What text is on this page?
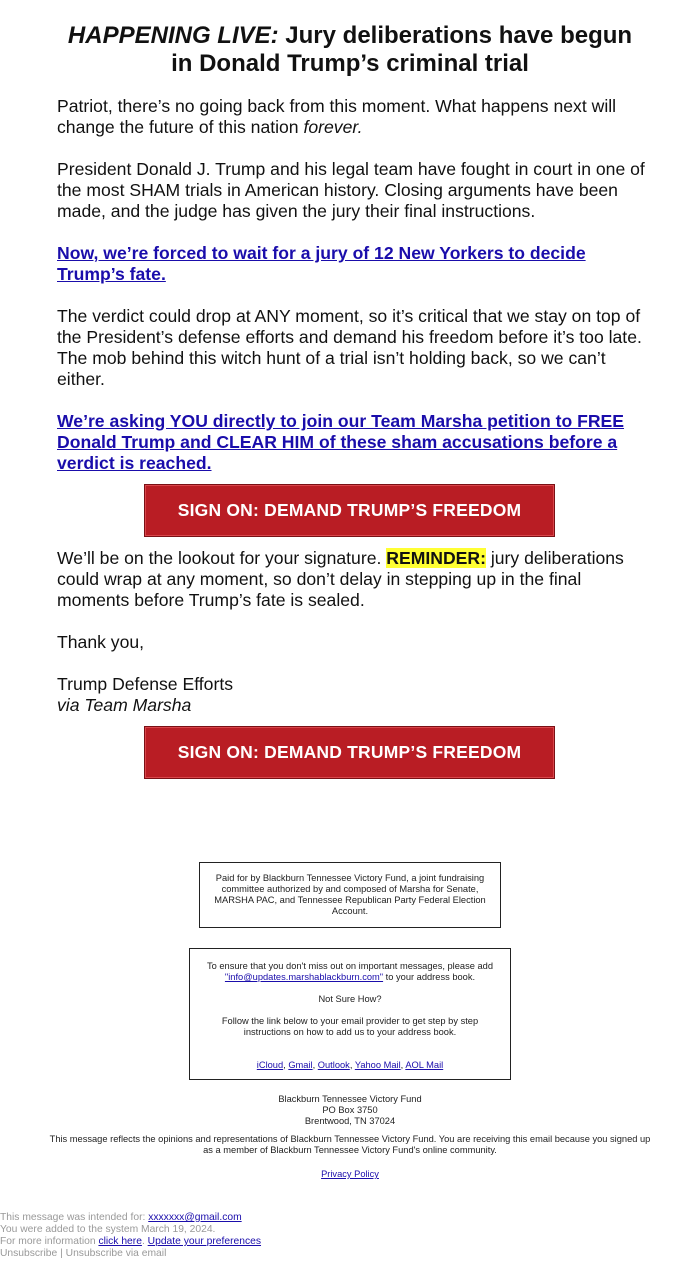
HAPPENING LIVE: Jury deliberations have begun
in Donald Trump’s criminal trial

Patriot, there’s no going back from this moment. What happens next will change the future of this nation forever.

President Donald J. Trump and his legal team have fought in court in one of the most SHAM trials in American history. Closing arguments have been made, and the judge has given the jury their final instructions.

Now, we’re forced to wait for a jury of 12 New Yorkers to decide Trump’s fate.

The verdict could drop at ANY moment, so it’s critical that we stay on top of the President’s defense efforts and demand his freedom before it’s too late. The mob behind this witch hunt of a trial isn’t holding back, so we can’t either.

We’re asking YOU directly to join our Team Marsha petition to FREE Donald Trump and CLEAR HIM of these sham accusations before a verdict is reached.

SIGN ON: DEMAND TRUMP’S FREEDOM

We’ll be on the lookout for your signature. REMINDER: jury deliberations could wrap at any moment, so don’t delay in stepping up in the final moments before Trump’s fate is sealed.

Thank you,

Trump Defense Efforts
via Team Marsha

SIGN ON: DEMAND TRUMP’S FREEDOM

Paid for by Blackburn Tennessee Victory Fund, a joint fundraising committee authorized by and composed of Marsha for Senate, MARSHA PAC, and Tennessee Republican Party Federal Election Account.

To ensure that you don't miss out on important messages, please add "info@updates.marshablackburn.com" to your address book.

Not Sure How?

Follow the link below to your email provider to get step by step instructions on how to add us to your address book.

iCloud, Gmail, Outlook, Yahoo Mail, AOL Mail

Blackburn Tennessee Victory Fund
PO Box 3750
Brentwood, TN 37024

This message reflects the opinions and representations of Blackburn Tennessee Victory Fund. You are receiving this email because you signed up as a member of Blackburn Tennessee Victory Fund's online community.

Privacy Policy

This message was intended for: xxxxxxx@gmail.com

You were added to the system March 19, 2024.

For more information click here. Update your preferences

Unsubscribe | Unsubscribe via email
